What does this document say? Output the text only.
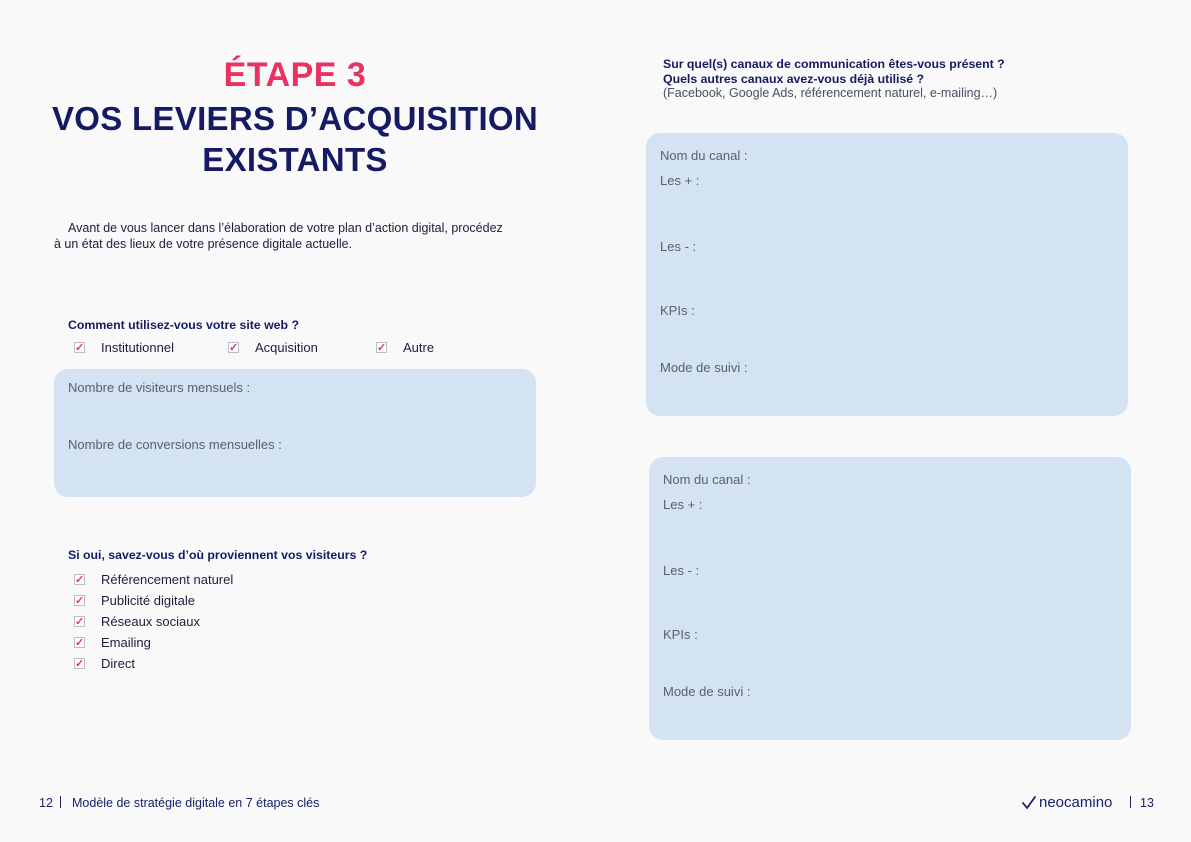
ÉTAPE 3
VOS LEVIERS D’ACQUISITION
EXISTANTS
Avant de vous lancer dans l’élaboration de votre plan d’action digital, procédez
à un état des lieux de votre présence digitale actuelle.
Comment utilisez-vous votre site web ?
✓ Institutionnel	✓ Acquisition	✓ Autre
Nombre de visiteurs mensuels :
Nombre de conversions mensuelles :
Si oui, savez-vous d’où proviennent vos visiteurs ?
✓ Référencement naturel
✓ Publicité digitale
✓ Réseaux sociaux
✓ Emailing
✓ Direct
Sur quel(s) canaux de communication êtes-vous présent ?
Quels autres canaux avez-vous déjà utilisé ?
(Facebook, Google Ads, référencement naturel, e-mailing…)
Nom du canal :
Les + :
Les - :
KPIs :
Mode de suivi :
Nom du canal :
Les + :
Les - :
KPIs :
Mode de suivi :
12 Modèle de stratégie digitale en 7 étapes clés	neocamino 13
